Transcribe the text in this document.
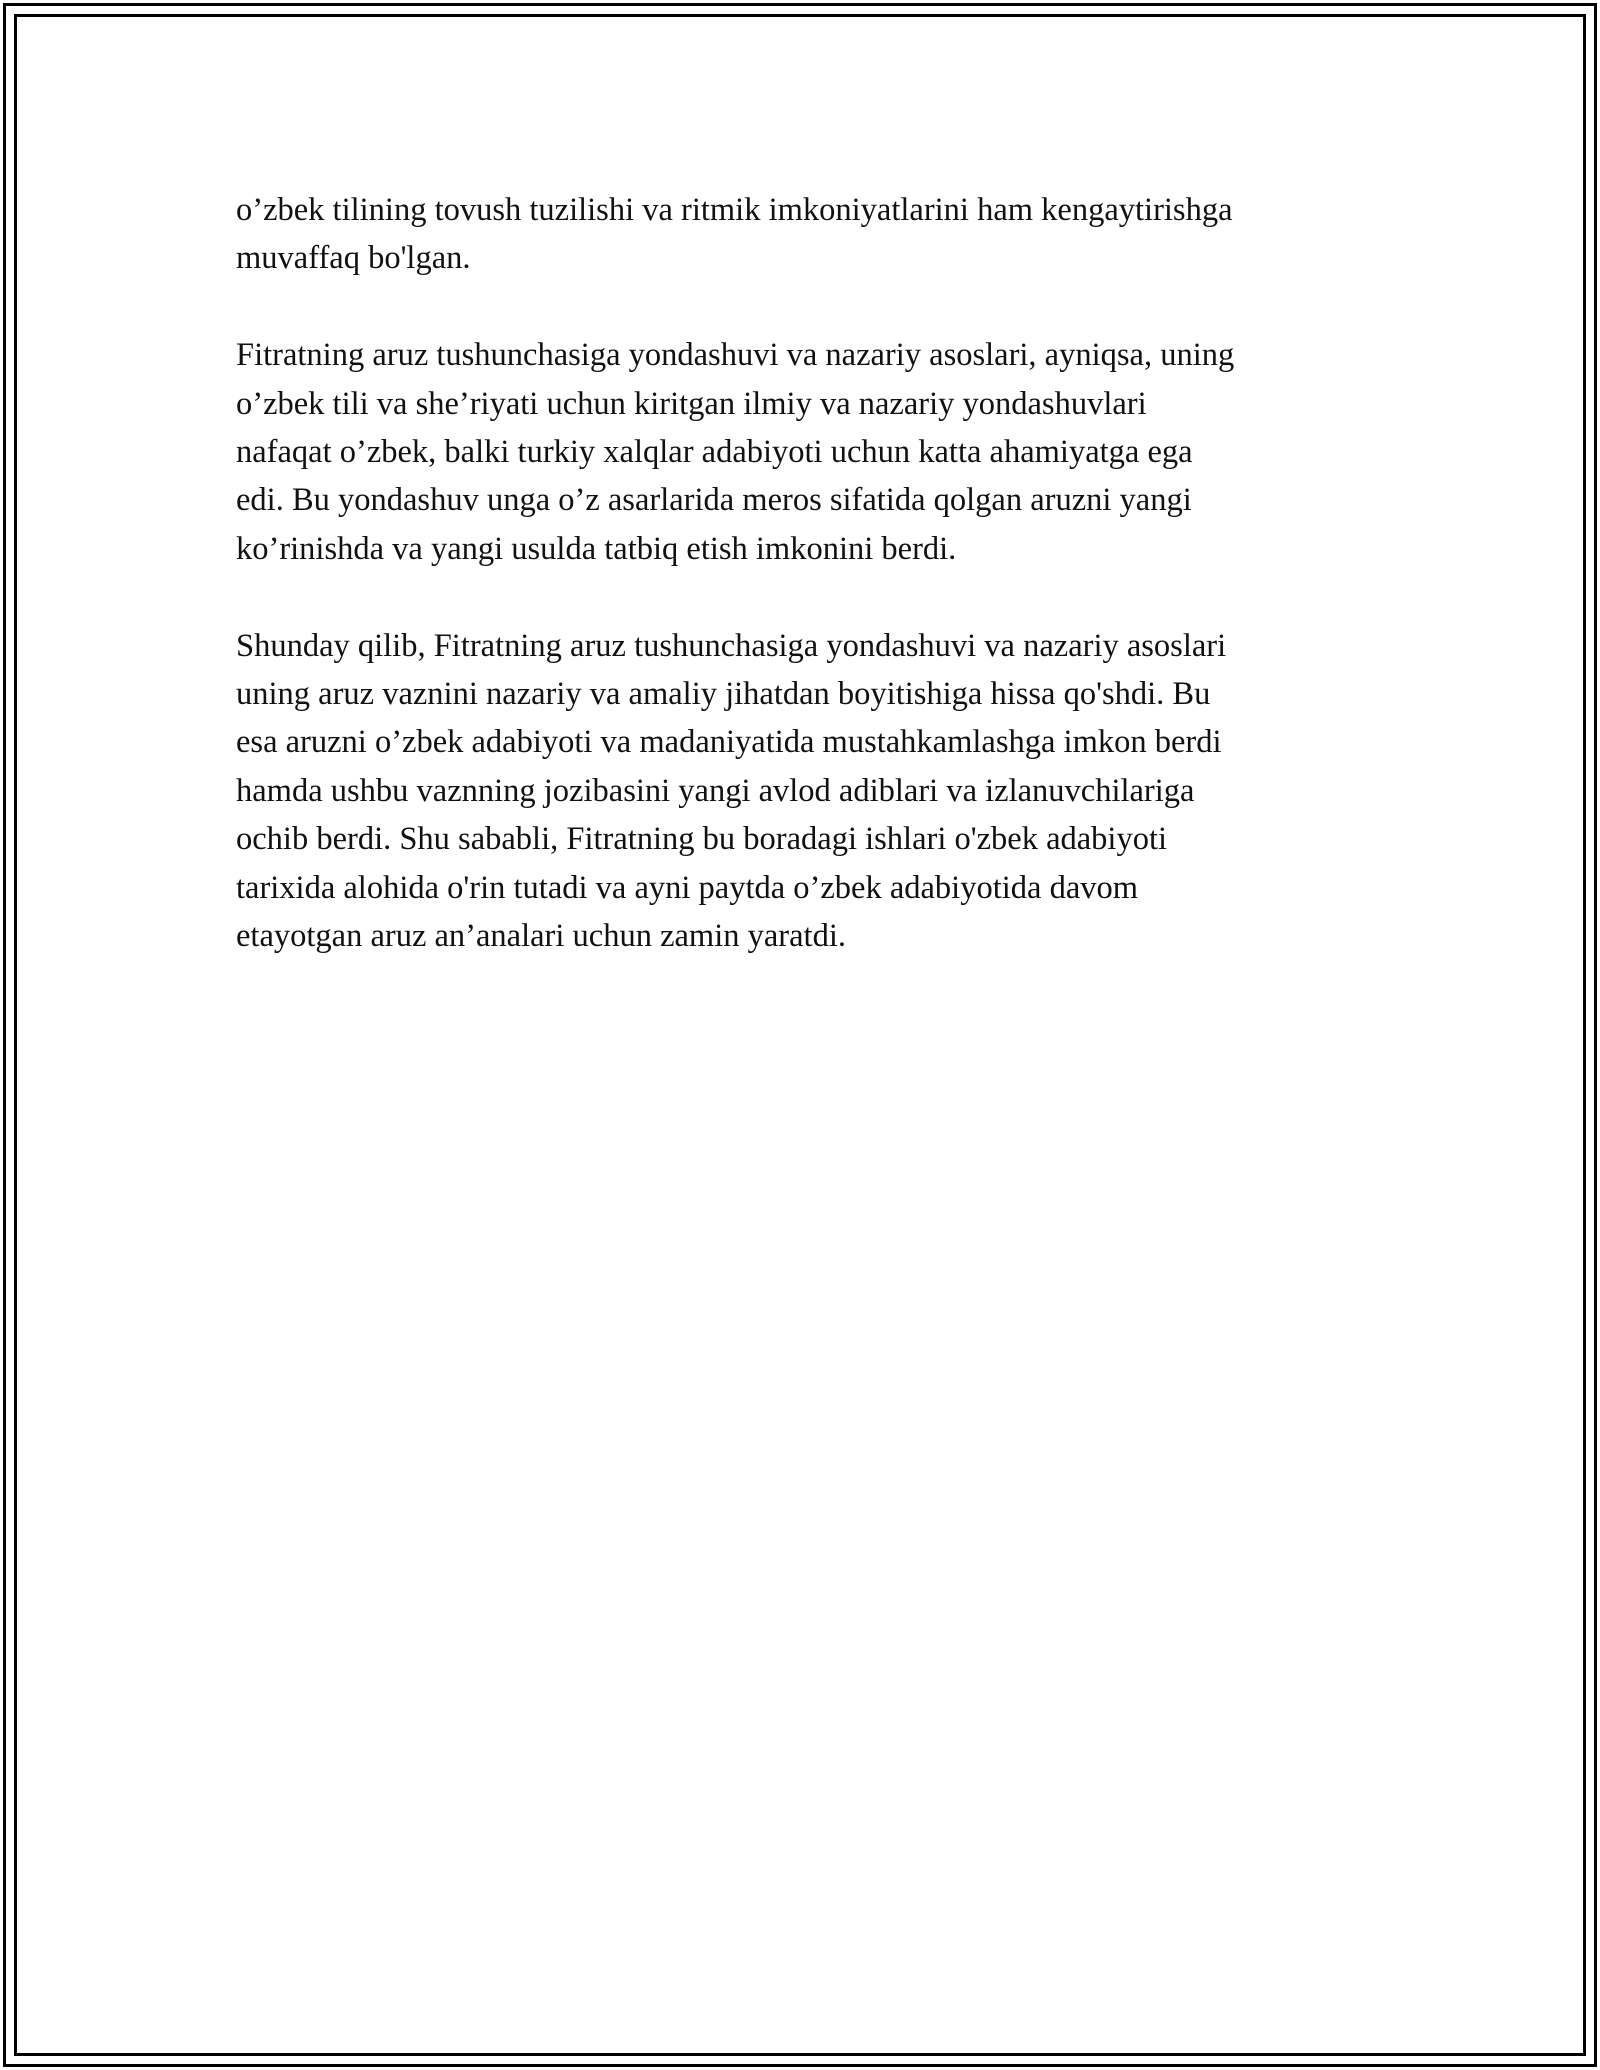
o’zbek tilining tovush tuzilishi va ritmik imkoniyatlarini ham kengaytirishga
muvaffaq bo'lgan.

Fitratning aruz tushunchasiga yondashuvi va nazariy asoslari, ayniqsa, uning
o’zbek tili va she’riyati uchun kiritgan ilmiy va nazariy yondashuvlari
nafaqat o’zbek, balki turkiy xalqlar adabiyoti uchun katta ahamiyatga ega
edi. Bu yondashuv unga o’z asarlarida meros sifatida qolgan aruzni yangi
ko’rinishda va yangi usulda tatbiq etish imkonini berdi.

Shunday qilib, Fitratning aruz tushunchasiga yondashuvi va nazariy asoslari
uning aruz vaznini nazariy va amaliy jihatdan boyitishiga hissa qo'shdi. Bu
esa aruzni o’zbek adabiyoti va madaniyatida mustahkamlashga imkon berdi
hamda ushbu vaznning jozibasini yangi avlod adiblari va izlanuvchilariga
ochib berdi. Shu sababli, Fitratning bu boradagi ishlari o'zbek adabiyoti
tarixida alohida o'rin tutadi va ayni paytda o’zbek adabiyotida davom
etayotgan aruz an’analari uchun zamin yaratdi.
